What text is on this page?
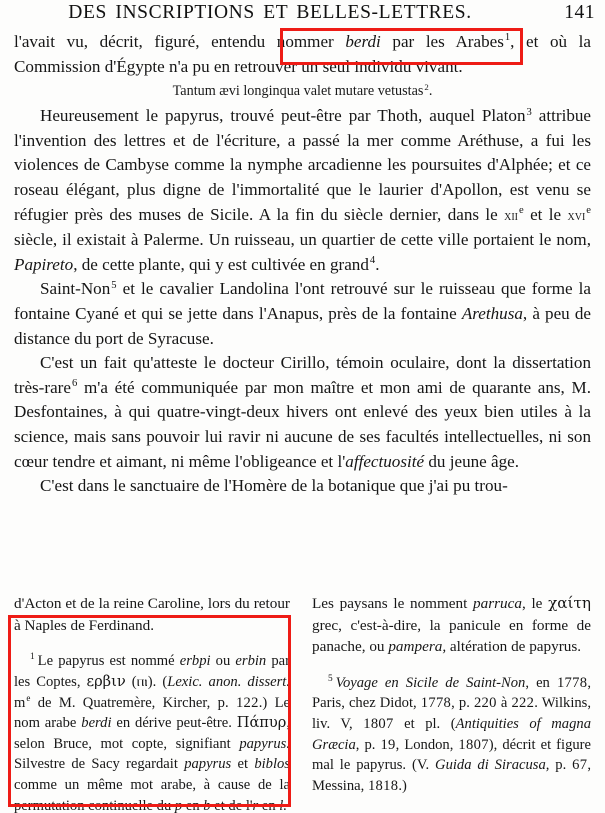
DES INSCRIPTIONS ET BELLES-LETTRES.	141

l'avait vu, décrit, figuré, entendu nommer berdi par les Arabes$^1$, et où la Commission d'Égypte n'a pu en retrouver un seul individu vivant.

Tantum ævi longinqua valet mutare vetustas$^2$.

Heureusement le papyrus, trouvé peut-être par Thoth, auquel Platon$^3$ attribue l'invention des lettres et de l'écriture, a passé la mer comme Aréthuse, a fui les violences de Cambyse comme la nymphe arcadienne les poursuites d'Alphée; et ce roseau élégant, plus digne de l'immortalité que le laurier d'Apollon, est venu se réfugier près des muses de Sicile. A la fin du siècle dernier, dans le xii$^e$ et le xvi$^e$ siècle, il existait à Palerme. Un ruisseau, un quartier de cette ville portaient le nom, Papireto, de cette plante, qui y est cultivée en grand$^4$.

Saint-Non$^5$ et le cavalier Landolina l'ont retrouvé sur le ruisseau que forme la fontaine Cyané et qui se jette dans l'Anapus, près de la fontaine Arethusa, à peu de distance du port de Syracuse.

C'est un fait qu'atteste le docteur Cirillo, témoin oculaire, dont la dissertation très-rare$^6$ m'a été communiquée par mon maître et mon ami de quarante ans, M. Desfontaines, à qui quatre-vingt-deux hivers ont enlevé des yeux bien utiles à la science, mais sans pouvoir lui ravir ni aucune de ses facultés intellectuelles, ni son cœur tendre et aimant, ni même l'obligeance et l'affectuosité du jeune âge.

C'est dans le sanctuaire de l'Homère de la botanique que j'ai pu trou-

d'Acton et de la reine Caroline, lors du retour à Naples de Ferdinand.

$^1$ Le papyrus est nommé erbpi ou erbin par les Coptes, ερβιν (ⲡⲓ). (Lexic. anon. dissert. $m^e$ de M. Quatremère, Kircher, p. 122.) Le nom arabe berdi en dérive peut-être. Πάπυρ, selon Bruce, mot copte, signifiant papyrus. Silvestre de Sacy regardait papyrus et biblos comme un même mot arabe, à cause de la permutation continuelle du p en b et de l'r en l.

Les paysans le nomment parruca, le χαίτη grec, c'est-à-dire, la panicule en forme de panache, ou pampera, altération de papyrus.

$^5$ Voyage en Sicile de Saint-Non, en 1778, Paris, chez Didot, 1778, p. 220 à 222. Wilkins, liv. V, 1807 et pl. (Antiquities of magna Græcia, p. 19, London, 1807), décrit et figure mal le papyrus. (V. Guida di Siracusa, p. 67, Messina, 1818.)
